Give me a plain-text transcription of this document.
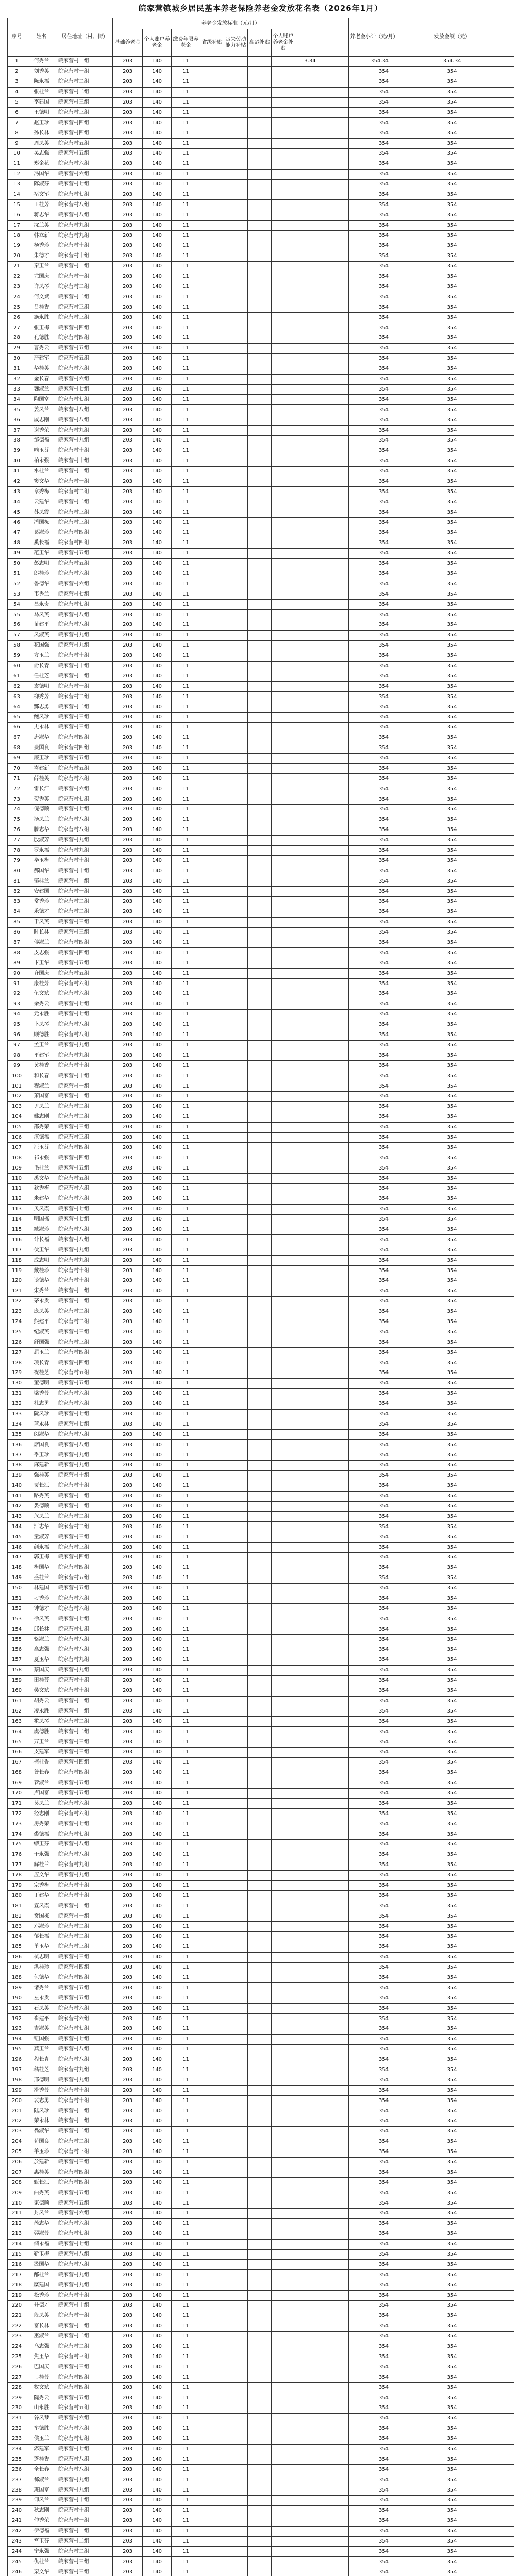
皖家营镇城乡居民基本养老保险养老金发放花名表（2026年1月）
序号	姓名	居住地址（村、街）	养老金发放标准（元/月）									养老金小计（元/月）	发放金额（元）
			基础养老金	个人账户养老金	缴费年限养老金	省级补贴	丧失劳动能力补贴	高龄补贴	个人账户养老金补贴				
1	何秀兰	皖家营村一组	203	140	11					3.34		354.34	354.34
2	刘秀英	皖家营村一组	203	140	11							354	354
3	陈永福	皖家营村二组	203	140	11							354	354
4	张桂兰	皖家营村二组	203	140	11							354	354
5	李建国	皖家营村三组	203	140	11							354	354
6	王德明	皖家营村三组	203	140	11							354	354
7	赵玉珍	皖家营村四组	203	140	11							354	354
8	孙长林	皖家营村四组	203	140	11							354	354
9	周凤英	皖家营村五组	203	140	11							354	354
10	吴志强	皖家营村五组	203	140	11							354	354
11	郑金花	皖家营村六组	203	140	11							354	354
12	冯国华	皖家营村六组	203	140	11							354	354
13	陈淑芬	皖家营村七组	203	140	11							354	354
14	褚文军	皖家营村七组	203	140	11							354	354
15	卫桂芳	皖家营村八组	203	140	11							354	354
16	蒋志华	皖家营村八组	203	140	11							354	354
17	沈兰英	皖家营村九组	203	140	11							354	354
18	韩立新	皖家营村九组	203	140	11							354	354
19	杨秀珍	皖家营村十组	203	140	11							354	354
20	朱德才	皖家营村十组	203	140	11							354	354
21	秦玉兰	皖家营村一组	203	140	11							354	354
22	尤国庆	皖家营村一组	203	140	11							354	354
23	许凤琴	皖家营村二组	203	140	11							354	354
24	何文斌	皖家营村二组	203	140	11							354	354
25	吕桂香	皖家营村三组	203	140	11							354	354
26	施永胜	皖家营村三组	203	140	11							354	354
27	张玉梅	皖家营村四组	203	140	11							354	354
28	孔德胜	皖家营村四组	203	140	11							354	354
29	曹秀云	皖家营村五组	203	140	11							354	354
30	严建军	皖家营村五组	203	140	11							354	354
31	华桂英	皖家营村六组	203	140	11							354	354
32	金长春	皖家营村六组	203	140	11							354	354
33	魏淑兰	皖家营村七组	203	140	11							354	354
34	陶国富	皖家营村七组	203	140	11							354	354
35	姜凤兰	皖家营村八组	203	140	11							354	354
36	戚志刚	皖家营村八组	203	140	11							354	354
37	谢秀荣	皖家营村九组	203	140	11							354	354
38	邹德福	皖家营村九组	203	140	11							354	354
39	喻玉芬	皖家营村十组	203	140	11							354	354
40	柏永强	皖家营村十组	203	140	11							354	354
41	水桂兰	皖家营村一组	203	140	11							354	354
42	窦文华	皖家营村一组	203	140	11							354	354
43	章秀梅	皖家营村二组	203	140	11							354	354
44	云建华	皖家营村二组	203	140	11							354	354
45	苏凤霞	皖家营村三组	203	140	11							354	354
46	潘国栋	皖家营村三组	203	140	11							354	354
47	葛淑珍	皖家营村四组	203	140	11							354	354
48	奚长福	皖家营村四组	203	140	11							354	354
49	范玉华	皖家营村五组	203	140	11							354	354
50	彭志明	皖家营村五组	203	140	11							354	354
51	郎桂珍	皖家营村六组	203	140	11							354	354
52	鲁德华	皖家营村六组	203	140	11							354	354
53	韦秀兰	皖家营村七组	203	140	11							354	354
54	昌永贵	皖家营村七组	203	140	11							354	354
55	马凤英	皖家营村八组	203	140	11							354	354
56	苗建平	皖家营村八组	203	140	11							354	354
57	凤淑英	皖家营村九组	203	140	11							354	354
58	花国强	皖家营村九组	203	140	11							354	354
59	方玉兰	皖家营村十组	203	140	11							354	354
60	俞长青	皖家营村十组	203	140	11							354	354
61	任桂芝	皖家营村一组	203	140	11							354	354
62	袁德明	皖家营村一组	203	140	11							354	354
63	柳秀芳	皖家营村二组	203	140	11							354	354
64	酆志勇	皖家营村二组	203	140	11							354	354
65	鲍凤珍	皖家营村三组	203	140	11							354	354
66	史永林	皖家营村三组	203	140	11							354	354
67	唐淑华	皖家营村四组	203	140	11							354	354
68	费国良	皖家营村四组	203	140	11							354	354
69	廉玉珍	皖家营村五组	203	140	11							354	354
70	岑建新	皖家营村五组	203	140	11							354	354
71	薛桂英	皖家营村六组	203	140	11							354	354
72	雷长江	皖家营村六组	203	140	11							354	354
73	贺秀英	皖家营村七组	203	140	11							354	354
74	倪德顺	皖家营村七组	203	140	11							354	354
75	汤凤兰	皖家营村八组	203	140	11							354	354
76	滕志华	皖家营村八组	203	140	11							354	354
77	殷淑芳	皖家营村九组	203	140	11							354	354
78	罗永福	皖家营村九组	203	140	11							354	354
79	毕玉梅	皖家营村十组	203	140	11							354	354
80	郝国华	皖家营村十组	203	140	11							354	354
81	邬桂兰	皖家营村一组	203	140	11							354	354
82	安建国	皖家营村一组	203	140	11							354	354
83	常秀珍	皖家营村二组	203	140	11							354	354
84	乐德才	皖家营村二组	203	140	11							354	354
85	于凤英	皖家营村三组	203	140	11							354	354
86	时长林	皖家营村三组	203	140	11							354	354
87	傅淑兰	皖家营村四组	203	140	11							354	354
88	皮志强	皖家营村四组	203	140	11							354	354
89	卞玉华	皖家营村五组	203	140	11							354	354
90	齐国庆	皖家营村五组	203	140	11							354	354
91	康桂芳	皖家营村六组	203	140	11							354	354
92	伍文斌	皖家营村六组	203	140	11							354	354
93	余秀云	皖家营村七组	203	140	11							354	354
94	元永胜	皖家营村七组	203	140	11							354	354
95	卜凤琴	皖家营村八组	203	140	11							354	354
96	顾德胜	皖家营村八组	203	140	11							354	354
97	孟玉兰	皖家营村九组	203	140	11							354	354
98	平建军	皖家营村九组	203	140	11							354	354
99	黄桂香	皖家营村十组	203	140	11							354	354
100	和长春	皖家营村十组	203	140	11							354	354
101	穆淑兰	皖家营村一组	203	140	11							354	354
102	萧国富	皖家营村一组	203	140	11							354	354
103	尹凤兰	皖家营村二组	203	140	11							354	354
104	姚志刚	皖家营村二组	203	140	11							354	354
105	邵秀荣	皖家营村三组	203	140	11							354	354
106	湛德福	皖家营村三组	203	140	11							354	354
107	汪玉芬	皖家营村四组	203	140	11							354	354
108	祁永强	皖家营村四组	203	140	11							354	354
109	毛桂兰	皖家营村五组	203	140	11							354	354
110	禹文华	皖家营村五组	203	140	11							354	354
111	狄秀梅	皖家营村六组	203	140	11							354	354
112	米建华	皖家营村六组	203	140	11							354	354
113	贝凤霞	皖家营村七组	203	140	11							354	354
114	明国栋	皖家营村七组	203	140	11							354	354
115	臧淑珍	皖家营村八组	203	140	11							354	354
116	计长福	皖家营村八组	203	140	11							354	354
117	伏玉华	皖家营村九组	203	140	11							354	354
118	成志明	皖家营村九组	203	140	11							354	354
119	戴桂珍	皖家营村十组	203	140	11							354	354
120	谈德华	皖家营村十组	203	140	11							354	354
121	宋秀兰	皖家营村一组	203	140	11							354	354
122	茅永贵	皖家营村一组	203	140	11							354	354
123	庞凤英	皖家营村二组	203	140	11							354	354
124	熊建平	皖家营村二组	203	140	11							354	354
125	纪淑英	皖家营村三组	203	140	11							354	354
126	舒国强	皖家营村三组	203	140	11							354	354
127	屈玉兰	皖家营村四组	203	140	11							354	354
128	项长青	皖家营村四组	203	140	11							354	354
129	祝桂芝	皖家营村五组	203	140	11							354	354
130	董德明	皖家营村五组	203	140	11							354	354
131	梁秀芳	皖家营村六组	203	140	11							354	354
132	杜志勇	皖家营村六组	203	140	11							354	354
133	阮凤珍	皖家营村七组	203	140	11							354	354
134	蓝永林	皖家营村七组	203	140	11							354	354
135	闵淑华	皖家营村八组	203	140	11							354	354
136	席国良	皖家营村八组	203	140	11							354	354
137	季玉珍	皖家营村九组	203	140	11							354	354
138	麻建新	皖家营村九组	203	140	11							354	354
139	强桂英	皖家营村十组	203	140	11							354	354
140	贾长江	皖家营村十组	203	140	11							354	354
141	路秀英	皖家营村一组	203	140	11							354	354
142	娄德顺	皖家营村一组	203	140	11							354	354
143	危凤兰	皖家营村二组	203	140	11							354	354
144	江志华	皖家营村二组	203	140	11							354	354
145	童淑芳	皖家营村三组	203	140	11							354	354
146	颜永福	皖家营村三组	203	140	11							354	354
147	郭玉梅	皖家营村四组	203	140	11							354	354
148	梅国华	皖家营村四组	203	140	11							354	354
149	盛桂兰	皖家营村五组	203	140	11							354	354
150	林建国	皖家营村五组	203	140	11							354	354
151	刁秀珍	皖家营村六组	203	140	11							354	354
152	钟德才	皖家营村六组	203	140	11							354	354
153	徐凤英	皖家营村七组	203	140	11							354	354
154	邱长林	皖家营村七组	203	140	11							354	354
155	骆淑兰	皖家营村八组	203	140	11							354	354
156	高志强	皖家营村八组	203	140	11							354	354
157	夏玉华	皖家营村九组	203	140	11							354	354
158	蔡国庆	皖家营村九组	203	140	11							354	354
159	田桂芳	皖家营村十组	203	140	11							354	354
160	樊文斌	皖家营村十组	203	140	11							354	354
161	胡秀云	皖家营村一组	203	140	11							354	354
162	凌永胜	皖家营村一组	203	140	11							354	354
163	霍凤琴	皖家营村二组	203	140	11							354	354
164	虞德胜	皖家营村二组	203	140	11							354	354
165	万玉兰	皖家营村三组	203	140	11							354	354
166	支建军	皖家营村三组	203	140	11							354	354
167	柯桂香	皖家营村四组	203	140	11							354	354
168	昝长春	皖家营村四组	203	140	11							354	354
169	管淑兰	皖家营村五组	203	140	11							354	354
170	卢国富	皖家营村五组	203	140	11							354	354
171	莫凤兰	皖家营村六组	203	140	11							354	354
172	经志刚	皖家营村六组	203	140	11							354	354
173	房秀荣	皖家营村七组	203	140	11							354	354
174	裘德福	皖家营村七组	203	140	11							354	354
175	缪玉芬	皖家营村八组	203	140	11							354	354
176	干永强	皖家营村八组	203	140	11							354	354
177	解桂兰	皖家营村九组	203	140	11							354	354
178	应文华	皖家营村九组	203	140	11							354	354
179	宗秀梅	皖家营村十组	203	140	11							354	354
180	丁建华	皖家营村十组	203	140	11							354	354
181	宣凤霞	皖家营村一组	203	140	11							354	354
182	贲国栋	皖家营村一组	203	140	11							354	354
183	邓淑珍	皖家营村二组	203	140	11							354	354
184	郁长福	皖家营村二组	203	140	11							354	354
185	单玉华	皖家营村三组	203	140	11							354	354
186	杭志明	皖家营村三组	203	140	11							354	354
187	洪桂珍	皖家营村四组	203	140	11							354	354
188	包德华	皖家营村四组	203	140	11							354	354
189	诸秀兰	皖家营村五组	203	140	11							354	354
190	左永贵	皖家营村五组	203	140	11							354	354
191	石凤英	皖家营村六组	203	140	11							354	354
192	崔建平	皖家营村六组	203	140	11							354	354
193	吉淑英	皖家营村七组	203	140	11							354	354
194	钮国强	皖家营村七组	203	140	11							354	354
195	龚玉兰	皖家营村八组	203	140	11							354	354
196	程长青	皖家营村八组	203	140	11							354	354
197	嵇桂芝	皖家营村九组	203	140	11							354	354
198	邢德明	皖家营村九组	203	140	11							354	354
199	滑秀芳	皖家营村十组	203	140	11							354	354
200	裴志勇	皖家营村十组	203	140	11							354	354
201	陆凤珍	皖家营村一组	203	140	11							354	354
202	荣永林	皖家营村一组	203	140	11							354	354
203	翁淑华	皖家营村二组	203	140	11							354	354
204	荀国良	皖家营村二组	203	140	11							354	354
205	羊玉珍	皖家营村三组	203	140	11							354	354
206	於建新	皖家营村三组	203	140	11							354	354
207	惠桂英	皖家营村四组	203	140	11							354	354
208	甄长江	皖家营村四组	203	140	11							354	354
209	曲秀英	皖家营村五组	203	140	11							354	354
210	家德顺	皖家营村五组	203	140	11							354	354
211	封凤兰	皖家营村六组	203	140	11							354	354
212	芮志华	皖家营村六组	203	140	11							354	354
213	羿淑芳	皖家营村七组	203	140	11							354	354
214	储永福	皖家营村七组	203	140	11							354	354
215	靳玉梅	皖家营村八组	203	140	11							354	354
216	汲国华	皖家营村八组	203	140	11							354	354
217	邴桂兰	皖家营村九组	203	140	11							354	354
218	糜建国	皖家营村九组	203	140	11							354	354
219	松秀珍	皖家营村十组	203	140	11							354	354
220	井德才	皖家营村十组	203	140	11							354	354
221	段凤英	皖家营村一组	203	140	11							354	354
222	富长林	皖家营村一组	203	140	11							354	354
223	巫淑兰	皖家营村二组	203	140	11							354	354
224	乌志强	皖家营村二组	203	140	11							354	354
225	焦玉华	皖家营村三组	203	140	11							354	354
226	巴国庆	皖家营村三组	203	140	11							354	354
227	弓桂芳	皖家营村四组	203	140	11							354	354
228	牧文斌	皖家营村四组	203	140	11							354	354
229	隗秀云	皖家营村五组	203	140	11							354	354
230	山永胜	皖家营村五组	203	140	11							354	354
231	谷凤琴	皖家营村六组	203	140	11							354	354
232	车德胜	皖家营村六组	203	140	11							354	354
233	侯玉兰	皖家营村七组	203	140	11							354	354
234	宓建军	皖家营村七组	203	140	11							354	354
235	蓬桂香	皖家营村八组	203	140	11							354	354
236	全长春	皖家营村八组	203	140	11							354	354
237	郗淑兰	皖家营村九组	203	140	11							354	354
238	班国富	皖家营村九组	203	140	11							354	354
239	仰凤兰	皖家营村十组	203	140	11							354	354
240	秋志刚	皖家营村十组	203	140	11							354	354
241	仲秀荣	皖家营村一组	203	140	11							354	354
242	伊德福	皖家营村一组	203	140	11							354	354
243	宫玉芬	皖家营村二组	203	140	11							354	354
244	宁永强	皖家营村二组	203	140	11							354	354
245	仇桂兰	皖家营村三组	203	140	11							354	354
246	栾文华	皖家营村三组	203	140	11							354	354
